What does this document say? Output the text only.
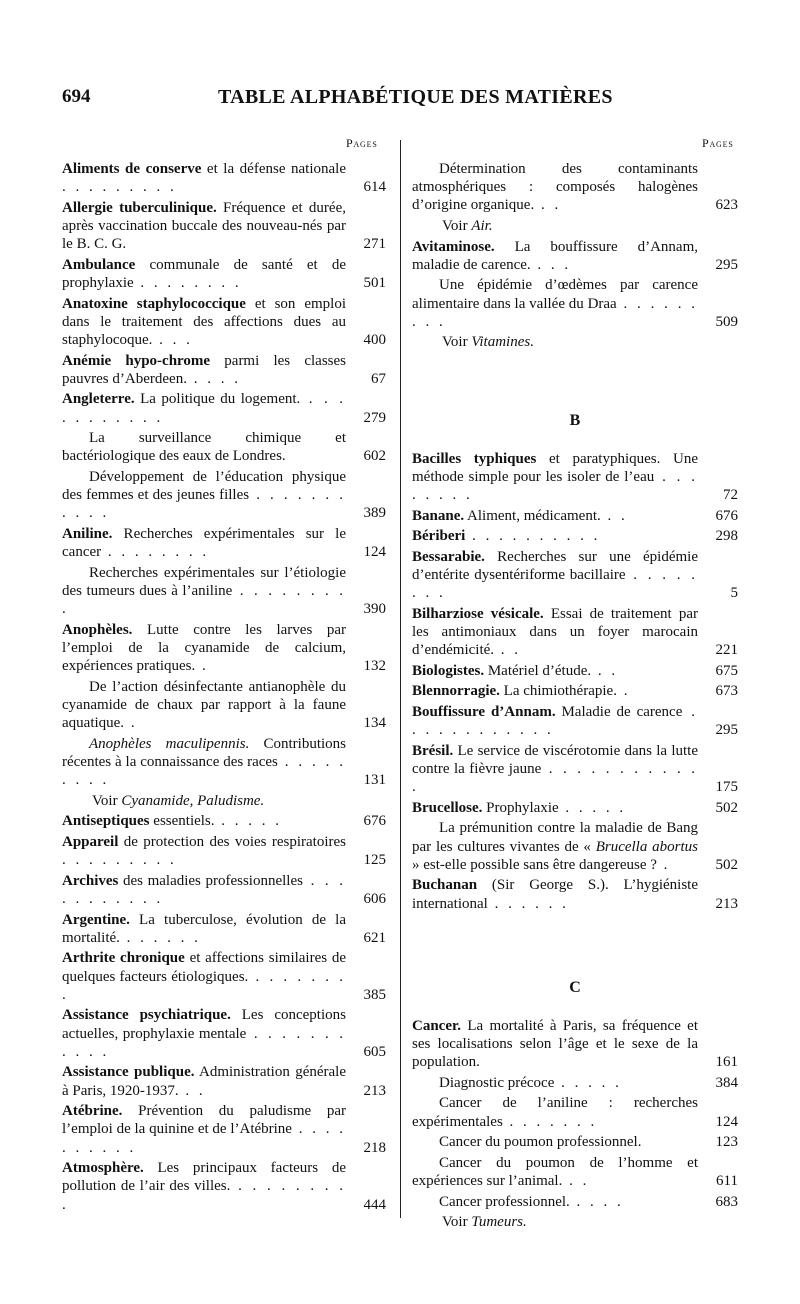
694	TABLE ALPHABÉTIQUE DES MATIÈRES
Pages	Pages
Aliments de conserve et la défense nationale . . . . . . . . .	614
Allergie tuberculinique. Fréquence et durée, après vaccination buccale des nouveau-nés par le B. C. G.	271
Ambulance communale de santé et de prophylaxie . . . . . . . .	501
Anatoxine staphylococcique et son emploi dans le traitement des affections dues au staphylocoque. . . .	400
Anémie hypo-chrome parmi les classes pauvres d’Aberdeen. . . . .	67
Angleterre. La politique du logement. . . . . . . . . . . .	279
La surveillance chimique et bactériologique des eaux de Londres.	602
Développement de l’éducation physique des femmes et des jeunes filles . . . . . . . . . . .	389
Aniline. Recherches expérimentales sur le cancer . . . . . . . .	124
Recherches expérimentales sur l’étiologie des tumeurs dues à l’aniline . . . . . . . . .	390
Anophèles. Lutte contre les larves par l’emploi de la cyanamide de calcium, expériences pratiques. .	132
De l’action désinfectante antianophèle du cyanamide de chaux par rapport à la faune aquatique. .	134
Anophèles maculipennis. Contributions récentes à la connaissance des races . . . . . . . . .	131
Voir Cyanamide, Paludisme.
Antiseptiques essentiels. . . . . .	676
Appareil de protection des voies respiratoires . . . . . . . . .	125
Archives des maladies professionnelles . . . . . . . . . . .	606
Argentine. La tuberculose, évolution de la mortalité. . . . . . .	621
Arthrite chronique et affections similaires de quelques facteurs étiologiques. . . . . . . . .	385
Assistance psychiatrique. Les conceptions actuelles, prophylaxie mentale . . . . . . . . . . .	605
Assistance publique. Administration générale à Paris, 1920-1937. . .	213
Atébrine. Prévention du paludisme par l’emploi de la quinine et de l’Atébrine . . . . . . . . . .	218
Atmosphère. Les principaux facteurs de pollution de l’air des villes. . . . . . . . . .	444
Détermination des contaminants atmosphériques : composés halogènes d’origine organique. . .	623
Voir Air.
Avitaminose. La bouffissure d’Annam, maladie de carence. . . .	295
Une épidémie d’œdèmes par carence alimentaire dans la vallée du Draa . . . . . . . . .	509
Voir Vitamines.
B
Bacilles typhiques et paratyphiques. Une méthode simple pour les isoler de l’eau . . . . . . . .	72
Banane. Aliment, médicament. . .	676
Bériberi . . . . . . . . . .	298
Bessarabie. Recherches sur une épidémie d’entérite dysentériforme bacillaire . . . . . . . .	5
Bilharziose vésicale. Essai de traitement par les antimoniaux dans un foyer marocain d’endémicité. . .	221
Biologistes. Matériel d’étude. . .	675
Blennorragie. La chimiothérapie. .	673
Bouffissure d’Annam. Maladie de carence . . . . . . . . . . . .	295
Brésil. Le service de viscérotomie dans la lutte contre la fièvre jaune . . . . . . . . . . . .	175
Brucellose. Prophylaxie . . . . .	502
La prémunition contre la maladie de Bang par les cultures vivantes de « Brucella abortus » est-elle possible sans être dangereuse ? .	502
Buchanan (Sir George S.). L’hygiéniste international . . . . . .	213
C
Cancer. La mortalité à Paris, sa fréquence et ses localisations selon l’âge et le sexe de la population.	161
Diagnostic précoce . . . . .	384
Cancer de l’aniline : recherches expérimentales . . . . . . .	124
Cancer du poumon professionnel.	123
Cancer du poumon de l’homme et expériences sur l’animal. . .	611
Cancer professionnel. . . . .	683
Voir Tumeurs.
